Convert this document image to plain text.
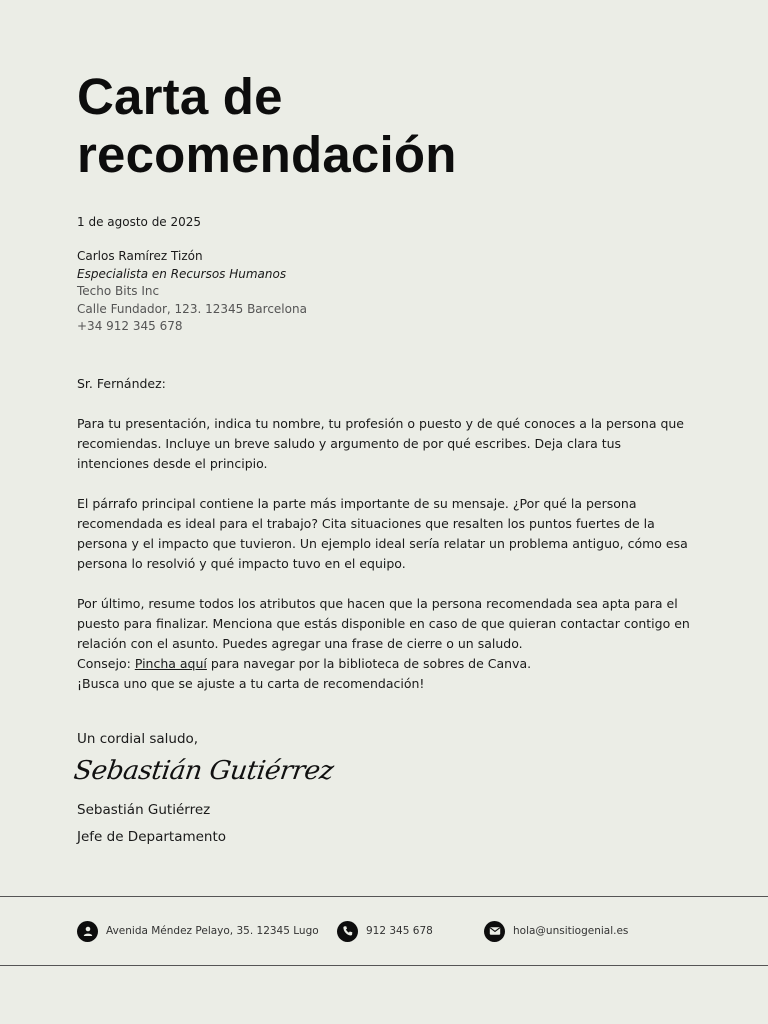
Carta de
recomendación
1 de agosto de 2025
Carlos Ramírez Tizón
Especialista en Recursos Humanos
Techo Bits Inc
Calle Fundador, 123. 12345 Barcelona
+34 912 345 678

Sr. Fernández:

Para tu presentación, indica tu nombre, tu profesión o puesto y de qué conoces a la persona que recomiendas. Incluye un breve saludo y argumento de por qué escribes. Deja clara tus intenciones desde el principio.

El párrafo principal contiene la parte más importante de su mensaje. ¿Por qué la persona recomendada es ideal para el trabajo? Cita situaciones que resalten los puntos fuertes de la persona y el impacto que tuvieron. Un ejemplo ideal sería relatar un problema antiguo, cómo esa persona lo resolvió y qué impacto tuvo en el equipo.

Por último, resume todos los atributos que hacen que la persona recomendada sea apta para el puesto para finalizar. Menciona que estás disponible en caso de que quieran contactar contigo en relación con el asunto. Puedes agregar una frase de cierre o un saludo.

Consejo: Pincha aquí para navegar por la biblioteca de sobres de Canva.

¡Busca uno que se ajuste a tu carta de recomendación!

Un cordial saludo,
Sebastián Gutiérrez
Sebastián Gutiérrez
Jefe de Departamento
Avenida Méndez Pelayo, 35. 12345 Lugo	912 345 678	hola@unsitiogenial.es
